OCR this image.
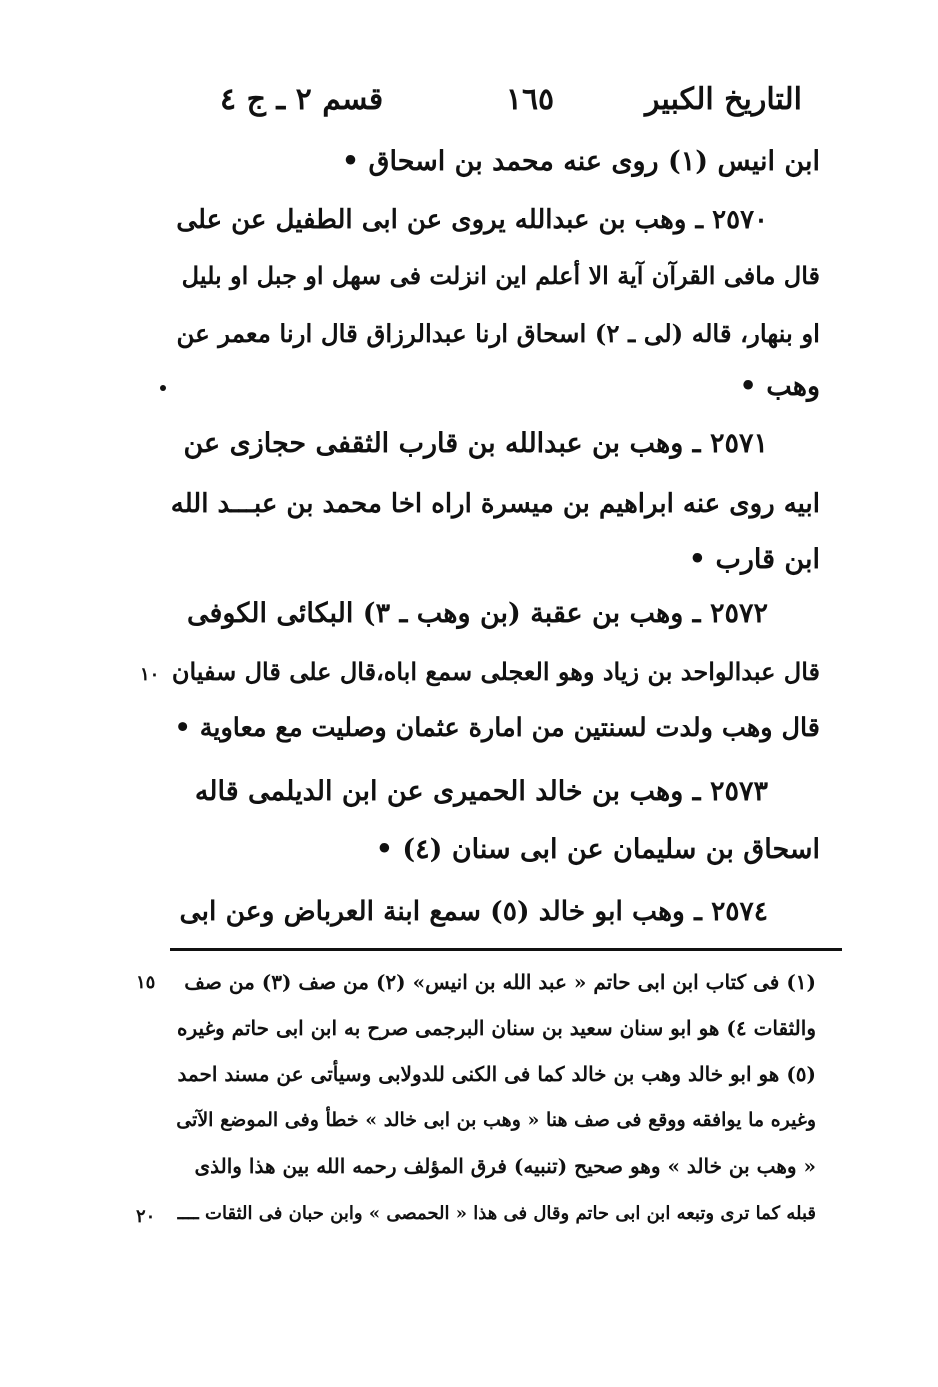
التاريخ الكبير
١٦٥
قسم ٢ ـ ج ٤
ابن انيس (١) روى عنه محمد بن اسحاق •
٢٥٧٠ ـ وهب بن عبدالله يروى عن ابى الطفيل عن على
قال مافى القرآن آية الا أعلم اين انزلت فى سهل او جبل او بليل
او بنهار، قاله (لى ـ ٢) اسحاق ارنا عبدالرزاق قال ارنا معمر عن
وهب •
٢٥٧١ ـ وهب بن عبدالله بن قارب الثقفى حجازى عن
ابيه روى عنه ابراهيم بن ميسرة اراه اخا محمد بن عبـــد الله
ابن قارب •
٢٥٧٢ ـ وهب بن عقبة (بن وهب ـ ٣) البكائى الكوفى
قال عبدالواحد بن زياد وهو العجلى سمع اباه،قال على قال سفيان
قال وهب ولدت لسنتين من امارة عثمان وصليت مع معاوية •
٢٥٧٣ ـ وهب بن خالد الحميرى عن ابن الديلمى قاله
اسحاق بن سليمان عن ابى سنان (٤) •
٢٥٧٤ ـ وهب ابو خالد (٥) سمع ابنة العرباض وعن ابى
١٠
١٥
٢٠
(١) فى كتاب ابن ابى حاتم « عبد الله بن انيس» (٢) من صف (٣) من صف
والثقات ٤) هو ابو سنان سعيد بن سنان البرجمى صرح به ابن ابى حاتم وغيره
(٥) هو ابو خالد وهب بن خالد كما فى الكنى للدولابى وسيأتى عن مسند احمد
وغيره ما يوافقه ووقع فى صف هنا « وهب بن ابى خالد » خطأ وفى الموضع الآتى
« وهب بن خالد » وهو صحيح (تنبيه) فرق المؤلف رحمه الله بين هذا والذى
قبله كما ترى وتبعه ابن ابى حاتم وقال فى هذا « الحمصى » وابن حبان فى الثقات ــــ
